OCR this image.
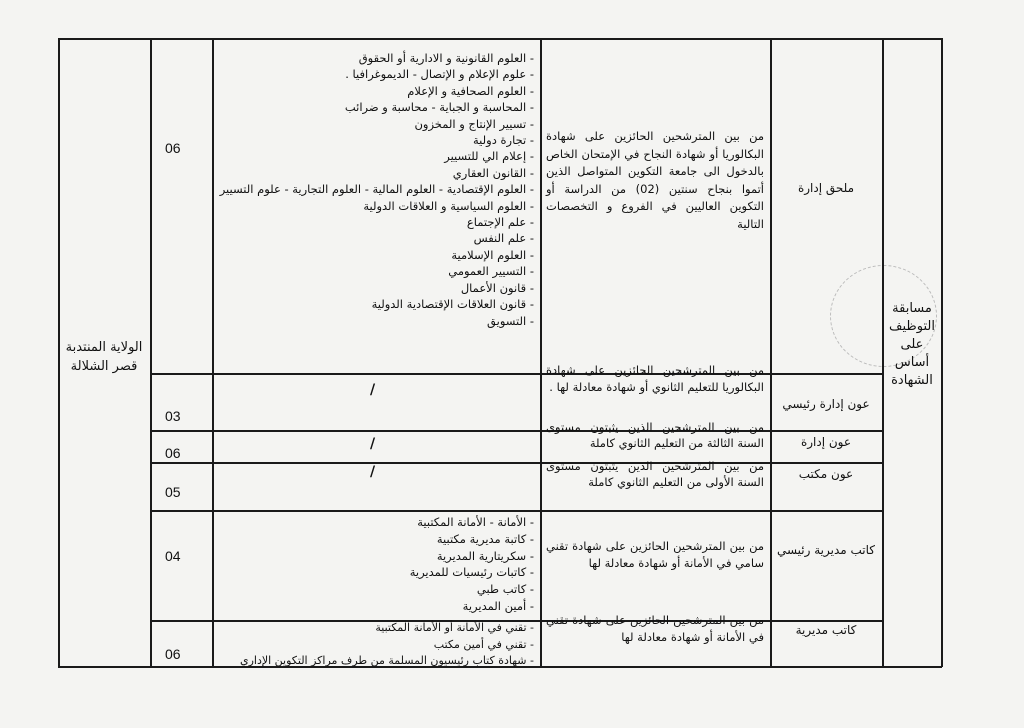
الولاية المنتدبة قصر الشلالة
مسابقة التوظيف على أساس الشهادة
ملحق إدارة
من بين المترشحين الحائزين على شهادة البكالوريا أو شهادة النجاح في الإمتحان الخاص بالدخول الى جامعة التكوين المتواصل الذين أتموا بنجاح سنتين (02) من الدراسة أو التكوين العاليين في الفروع و التخصصات التالية
06
- العلوم القانونية و الادارية أو الحقوق
- علوم الإعلام و الإتصال - الديموغرافيا .
- العلوم الصحافية و الإعلام
- المحاسبة و الجباية - محاسبة و ضرائب
- تسيير الإنتاج و المخزون
- تجارة دولية
- إعلام الي للتسيير
- القانون العقاري
- العلوم الإقتصادية - العلوم المالية - العلوم التجارية - علوم التسيير
- العلوم السياسية و العلاقات الدولية
- علم الإجتماع
- علم النفس
- العلوم الإسلامية
- التسيير العمومي
- قانون الأعمال
- قانون العلاقات الإقتصادية الدولية
- التسويق
عون إدارة رئيسي
من بين المترشحين الحائزين على شهادة البكالوريا للتعليم الثانوي أو شهادة معادلة لها .
/
03
عون إدارة
من بين المترشحين الذين يثبتون مستوى السنة الثالثة من التعليم الثانوي كاملة
/
06
عون مكتب
من بين المترشحين الذين يثبتون مستوى السنة الأولى من التعليم الثانوي كاملة
/
05
كاتب مديرية رئيسي
من بين المترشحين الحائزين على شهادة تقني سامي في الأمانة أو شهادة معادلة لها
04
- الأمانة - الأمانة المكتبية
- كاتبة مديرية مكتبية
- سكريتارية المديرية
- كاتبات رئيسيات للمديرية
- كاتب طبي
- أمين المديرية
كاتب مديرية
من بين المترشحين الحائزين على شهادة تقني في الأمانة أو شهادة معادلة لها
06
- تقني في الأمانة أو الأمانة المكتبية
- تقني في أمين مكتب
- شهادة كتاب رئيسيون المسلمة من طرف مراكز التكوين الإداري
